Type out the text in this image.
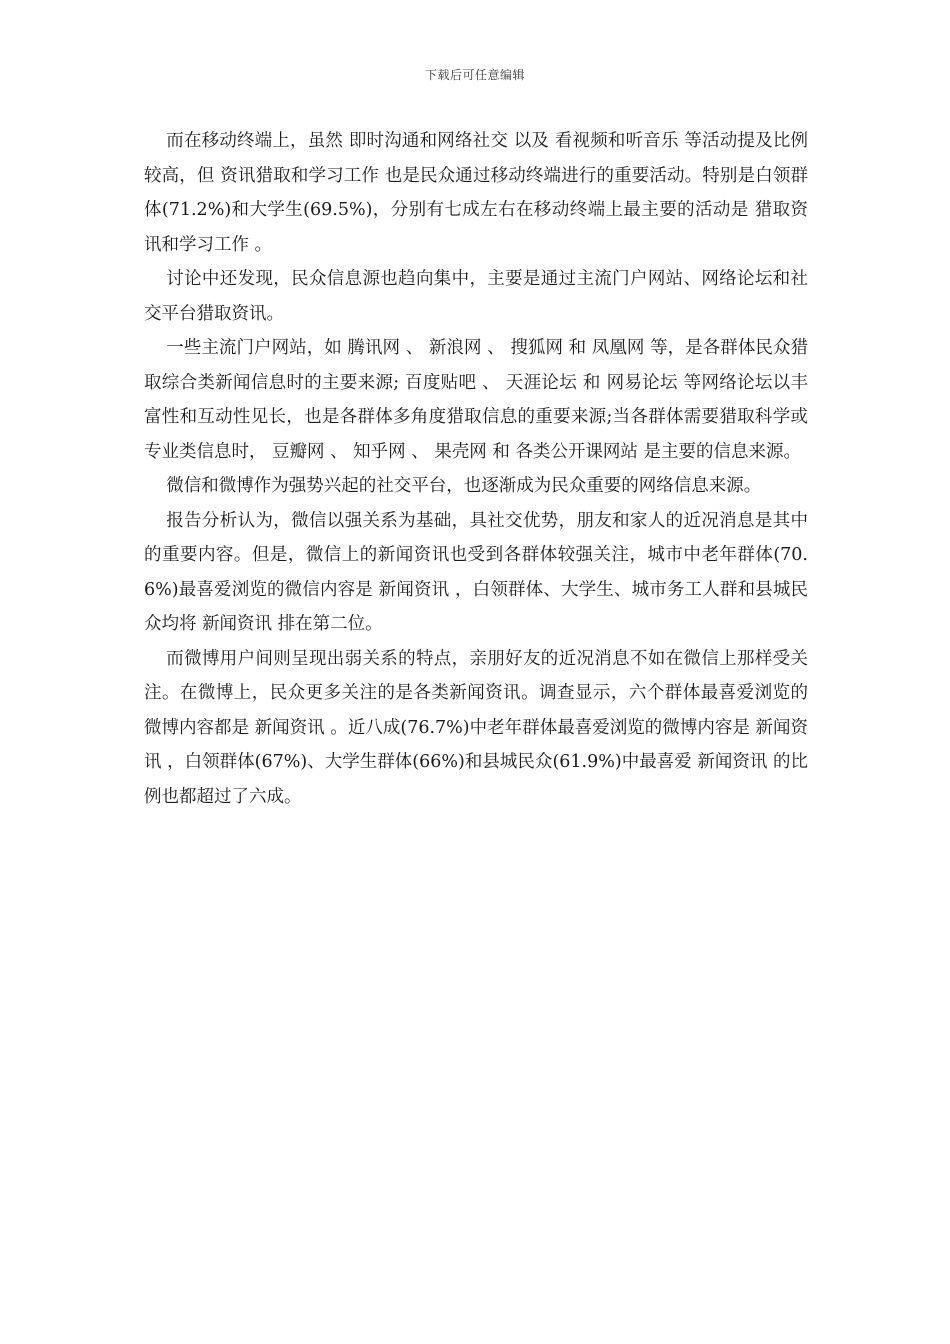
下载后可任意编辑

而在移动终端上，虽然 即时沟通和网络社交 以及 看视频和听音乐 等活动提及比例较高，但 资讯猎取和学习工作 也是民众通过移动终端进行的重要活动。特别是白领群体(71.2%)和大学生(69.5%)，分别有七成左右在移动终端上最主要的活动是 猎取资讯和学习工作 。

讨论中还发现，民众信息源也趋向集中，主要是通过主流门户网站、网络论坛和社交平台猎取资讯。

一些主流门户网站，如 腾讯网 、 新浪网 、 搜狐网 和 凤凰网 等，是各群体民众猎取综合类新闻信息时的主要来源; 百度贴吧 、 天涯论坛 和 网易论坛 等网络论坛以丰富性和互动性见长，也是各群体多角度猎取信息的重要来源;当各群体需要猎取科学或专业类信息时， 豆瓣网 、 知乎网 、 果壳网 和 各类公开课网站 是主要的信息来源。

微信和微博作为强势兴起的社交平台，也逐渐成为民众重要的网络信息来源。

报告分析认为，微信以强关系为基础，具社交优势，朋友和家人的近况消息是其中的重要内容。但是，微信上的新闻资讯也受到各群体较强关注，城市中老年群体(70.6%)最喜爱浏览的微信内容是 新闻资讯 ，白领群体、大学生、城市务工人群和县城民众均将 新闻资讯 排在第二位。

而微博用户间则呈现出弱关系的特点，亲朋好友的近况消息不如在微信上那样受关注。在微博上，民众更多关注的是各类新闻资讯。调查显示，六个群体最喜爱浏览的微博内容都是 新闻资讯 。近八成(76.7%)中老年群体最喜爱浏览的微博内容是 新闻资讯 ，白领群体(67%)、大学生群体(66%)和县城民众(61.9%)中最喜爱 新闻资讯 的比例也都超过了六成。
